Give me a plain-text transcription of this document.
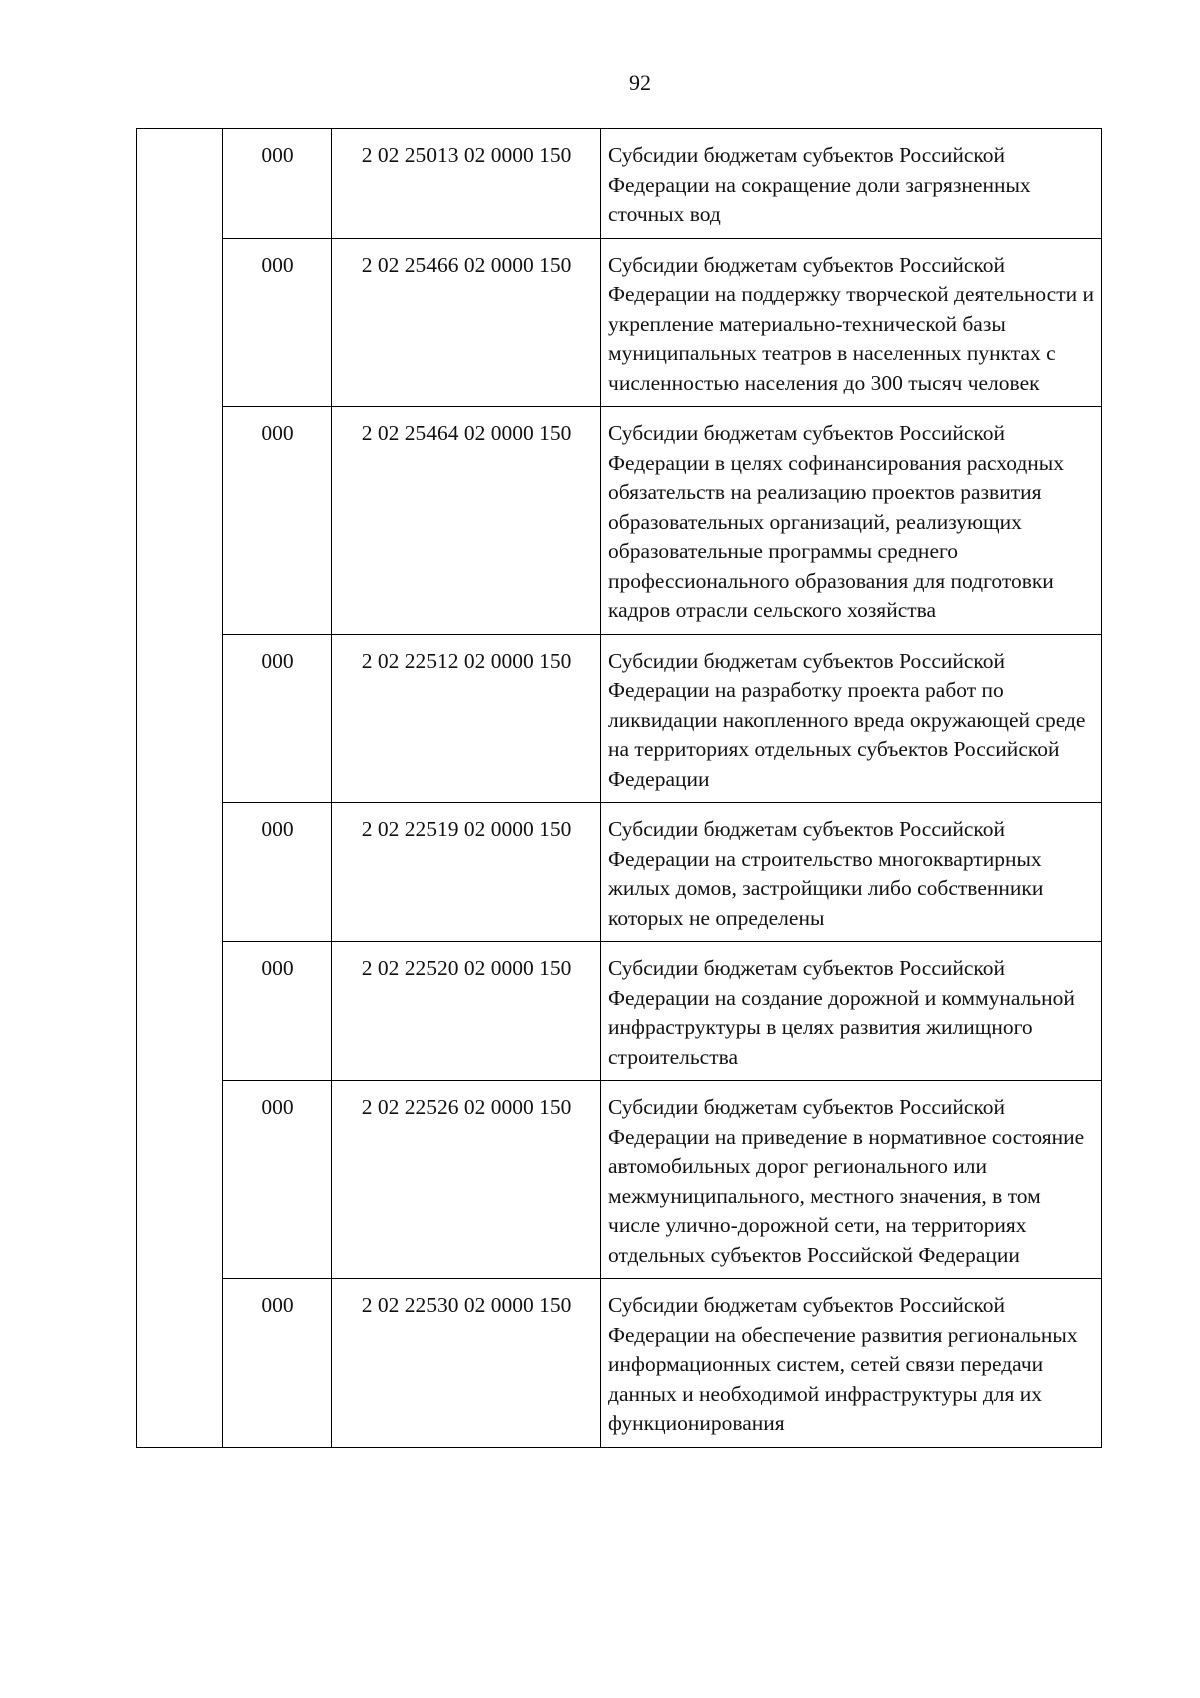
92
	000	2 02 25013 02 0000 150	Субсидии бюджетам субъектов Российской Федерации на сокращение доли загрязненных сточных вод
	000	2 02 25466 02 0000 150	Субсидии бюджетам субъектов Российской Федерации на поддержку творческой деятельности и укрепление материально-технической базы муниципальных театров в населенных пунктах с численностью населения до 300 тысяч человек
	000	2 02 25464 02 0000 150	Субсидии бюджетам субъектов Российской Федерации в целях софинансирования расходных обязательств на реализацию проектов развития образовательных организаций, реализующих образовательные программы среднего профессионального образования для подготовки кадров отрасли сельского хозяйства
	000	2 02 22512 02 0000 150	Субсидии бюджетам субъектов Российской Федерации на разработку проекта работ по ликвидации накопленного вреда окружающей среде на территориях отдельных субъектов Российской Федерации
	000	2 02 22519 02 0000 150	Субсидии бюджетам субъектов Российской Федерации на строительство многоквартирных жилых домов, застройщики либо собственники которых не определены
	000	2 02 22520 02 0000 150	Субсидии бюджетам субъектов Российской Федерации на создание дорожной и коммунальной инфраструктуры в целях развития жилищного строительства
	000	2 02 22526 02 0000 150	Субсидии бюджетам субъектов Российской Федерации на приведение в нормативное состояние автомобильных дорог регионального или межмуниципального, местного значения, в том числе улично-дорожной сети, на территориях отдельных субъектов Российской Федерации
	000	2 02 22530 02 0000 150	Субсидии бюджетам субъектов Российской Федерации на обеспечение развития региональных информационных систем, сетей связи передачи данных и необходимой инфраструктуры для их функционирования
